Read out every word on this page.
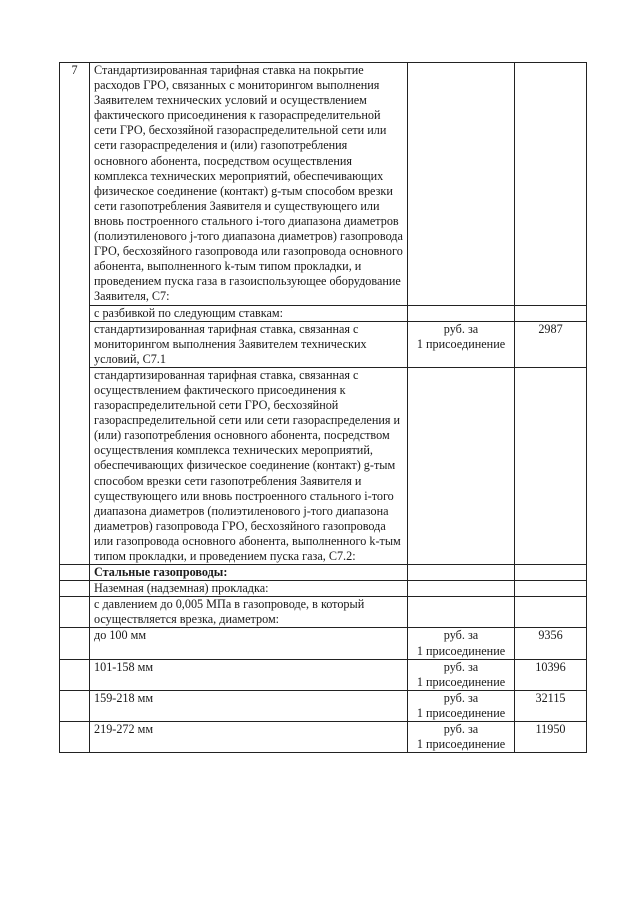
7	Стандартизированная тарифная ставка на покрытие расходов ГРО, связанных с мониторингом выполнения Заявителем технических условий и осуществлением фактического присоединения к газораспределительной сети ГРО, бесхозяйной газораспределительной сети или сети газораспределения и (или) газопотребления основного абонента, посредством осуществления комплекса технических мероприятий, обеспечивающих физическое соединение (контакт) g-тым способом врезки сети газопотребления Заявителя и существующего или вновь построенного стального i-того диапазона диаметров (полиэтиленового j-того диапазона диаметров) газопровода ГРО, бесхозяйного газопровода или газопровода основного абонента, выполненного k-тым типом прокладки, и проведением пуска газа в газоиспользующее оборудование Заявителя, С7:		
	с разбивкой по следующим ставкам:		
	стандартизированная тарифная ставка, связанная с мониторингом выполнения Заявителем технических условий, С7.1	руб. за
1 присоединение	2987
	стандартизированная тарифная ставка, связанная с осуществлением фактического присоединения к газораспределительной сети ГРО, бесхозяйной газораспределительной сети или сети газораспределения и (или) газопотребления основного абонента, посредством осуществления комплекса технических мероприятий, обеспечивающих физическое соединение (контакт) g-тым способом врезки сети газопотребления Заявителя и существующего или вновь построенного стального i-того диапазона диаметров (полиэтиленового j-того диапазона диаметров) газопровода ГРО, бесхозяйного газопровода или газопровода основного абонента, выполненного k-тым типом прокладки, и проведением пуска газа, С7.2:		
	Стальные газопроводы:		
	Наземная (надземная) прокладка:		
	с давлением до 0,005 МПа в газопроводе, в который осуществляется врезка, диаметром:		
	до 100 мм	руб. за
1 присоединение	9356
	101-158 мм	руб. за
1 присоединение	10396
	159-218 мм	руб. за
1 присоединение	32115
	219-272 мм	руб. за
1 присоединение	11950
